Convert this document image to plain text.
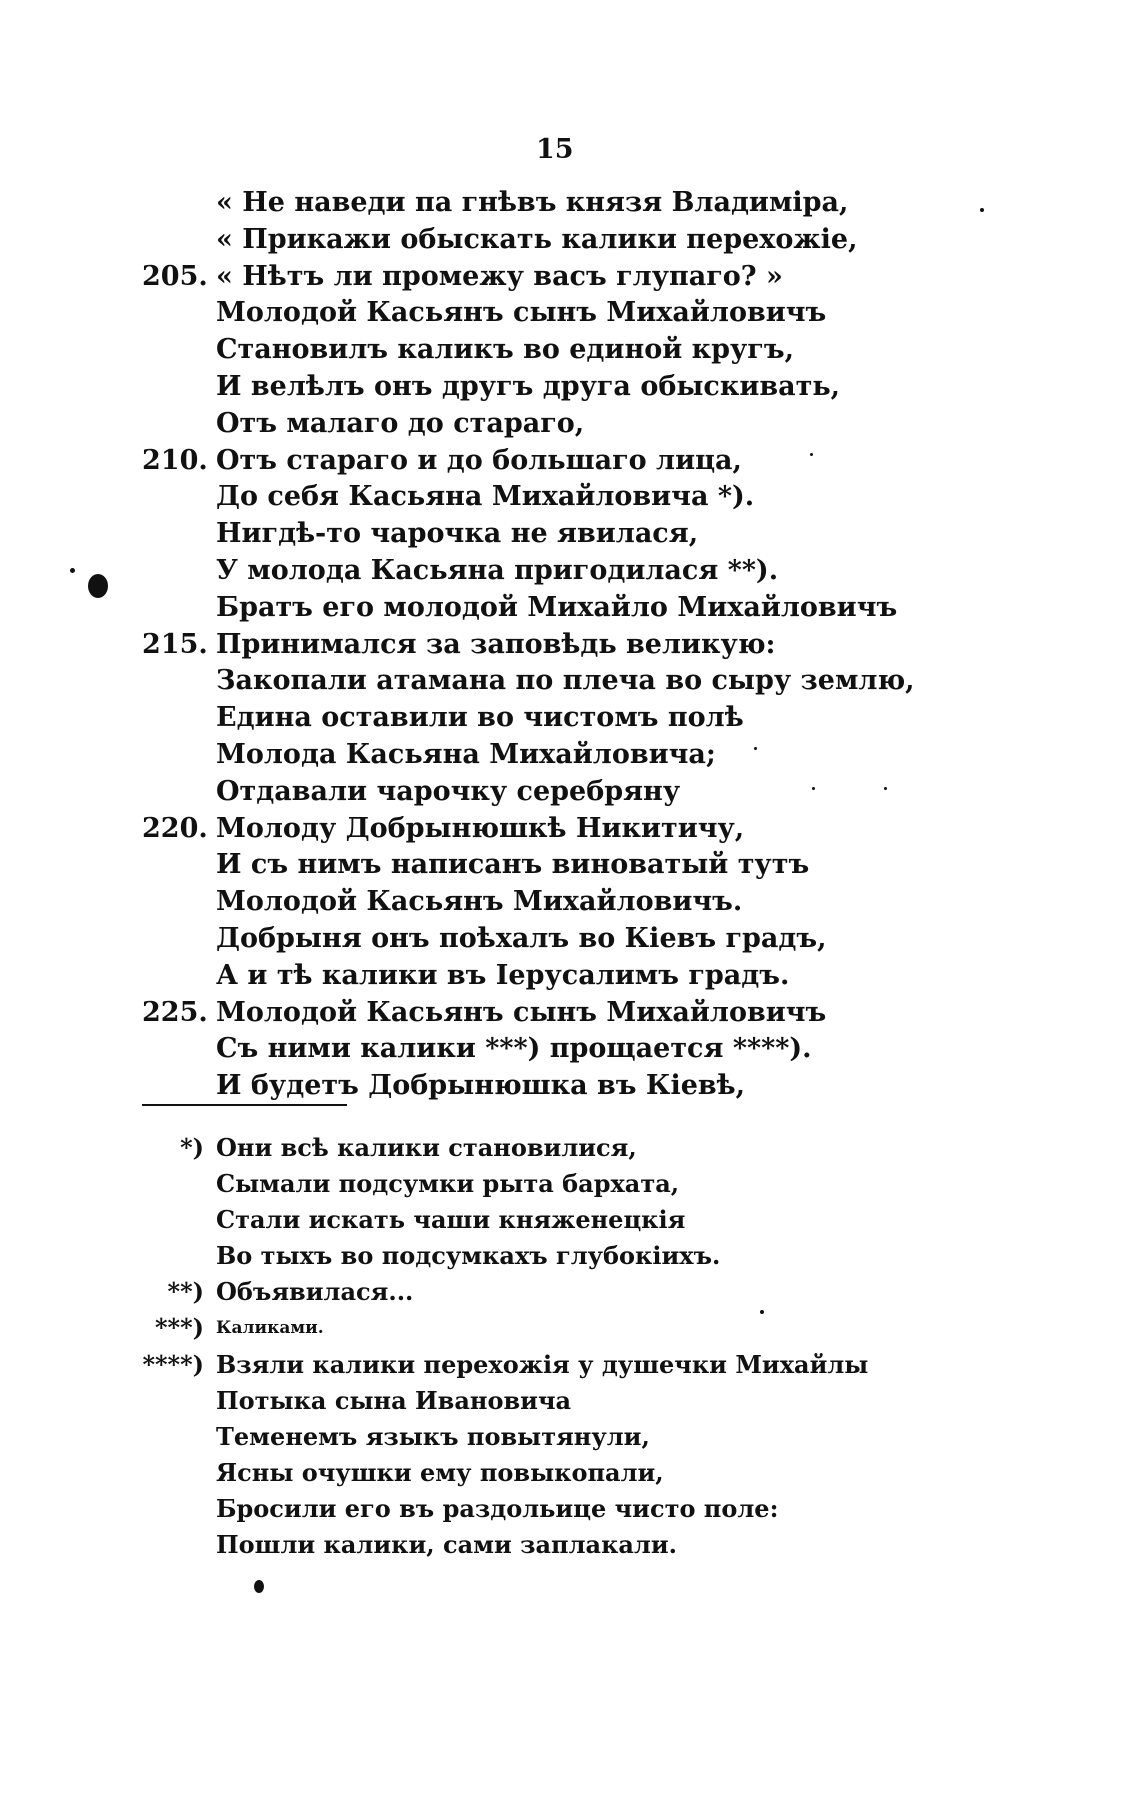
15
« Не наведи па гнѣвъ князя Владиміра,
« Прикажи обыскать калики перехожіе,
205. « Нѣтъ ли промежу васъ глупаго? »
Молодой Касьянъ сынъ Михайловичъ
Становилъ каликъ во единой кругъ,
И велѣлъ онъ другъ друга обыскивать,
Отъ малаго до стараго,
210. Отъ стараго и до большаго лица,
До себя Касьяна Михайловича *).
Нигдѣ-то чарочка не явилася,
У молода Касьяна пригодилася **).
Братъ его молодой Михайло Михайловичъ
215. Принимался за заповѣдь великую:
Закопали атамана по плеча во сыру землю,
Едина оставили во чистомъ полѣ
Молода Касьяна Михайловича;
Отдавали чарочку серебряну
220. Молоду Добрынюшкѣ Никитичу,
И съ нимъ написанъ виноватый тутъ
Молодой Касьянъ Михайловичъ.
Добрыня онъ поѣхалъ во Кіевъ градъ,
А и тѣ калики въ Іерусалимъ градъ.
225. Молодой Касьянъ сынъ Михайловичъ
Съ ними калики ***) прощается ****).
И будетъ Добрынюшка въ Кіевѣ,
*) Они всѣ калики становилися,
Сымали подсумки рыта бархата,
Стали искать чаши княженецкія
Во тыхъ во подсумкахъ глубокіихъ.
**) Объявилася...
***) Каликами.
****) Взяли калики перехожія у душечки Михайлы
Потыка сына Ивановича
Теменемъ языкъ повытянули,
Ясны очушки ему повыкопали,
Бросили его въ раздольице чисто поле:
Пошли калики, сами заплакали.
